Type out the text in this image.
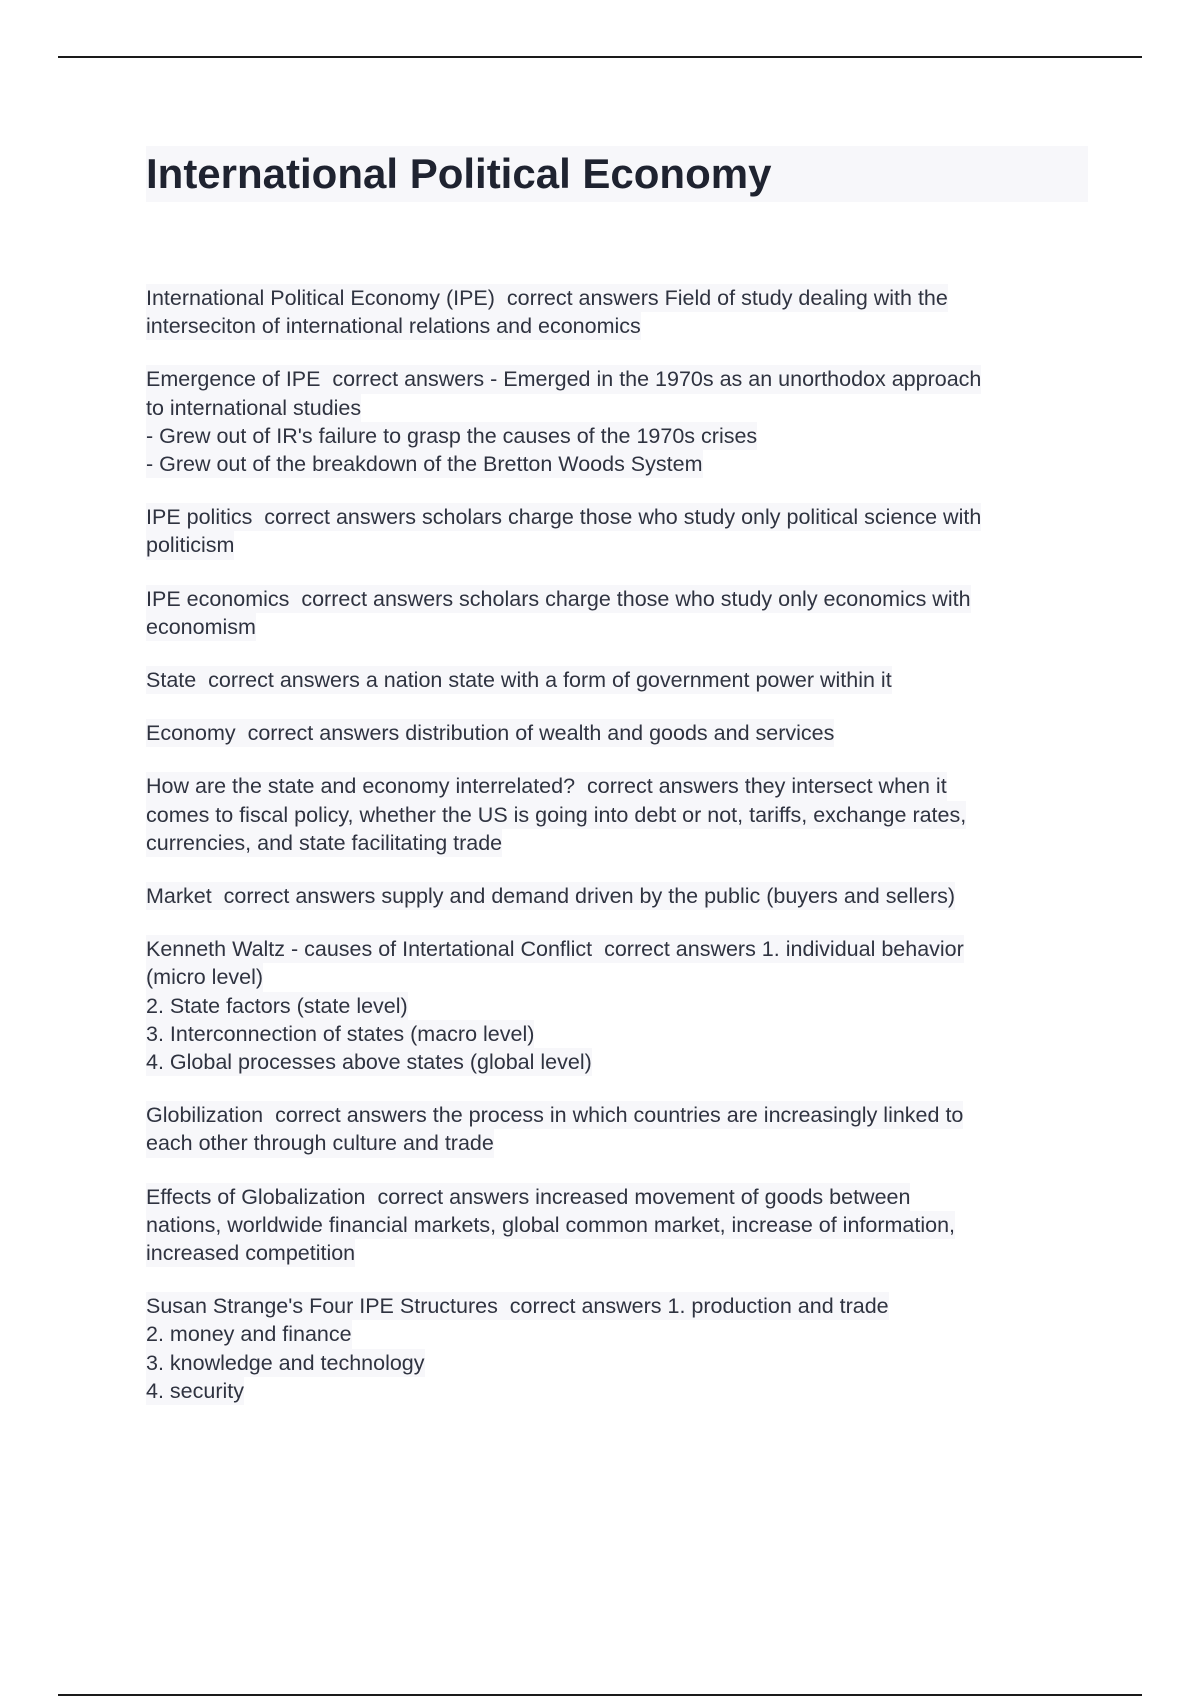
International Political Economy
International Political Economy (IPE)  correct answers Field of study dealing with the
interseciton of international relations and economics

Emergence of IPE  correct answers - Emerged in the 1970s as an unorthodox approach
to international studies
- Grew out of IR's failure to grasp the causes of the 1970s crises
- Grew out of the breakdown of the Bretton Woods System

IPE politics  correct answers scholars charge those who study only political science with
politicism

IPE economics  correct answers scholars charge those who study only economics with
economism

State  correct answers a nation state with a form of government power within it

Economy  correct answers distribution of wealth and goods and services

How are the state and economy interrelated?  correct answers they intersect when it
comes to fiscal policy, whether the US is going into debt or not, tariffs, exchange rates,
currencies, and state facilitating trade

Market  correct answers supply and demand driven by the public (buyers and sellers)

Kenneth Waltz - causes of Intertational Conflict  correct answers 1. individual behavior
(micro level)
2. State factors (state level)
3. Interconnection of states (macro level)
4. Global processes above states (global level)

Globilization  correct answers the process in which countries are increasingly linked to
each other through culture and trade

Effects of Globalization  correct answers increased movement of goods between
nations, worldwide financial markets, global common market, increase of information,
increased competition

Susan Strange's Four IPE Structures  correct answers 1. production and trade
2. money and finance
3. knowledge and technology
4. security
